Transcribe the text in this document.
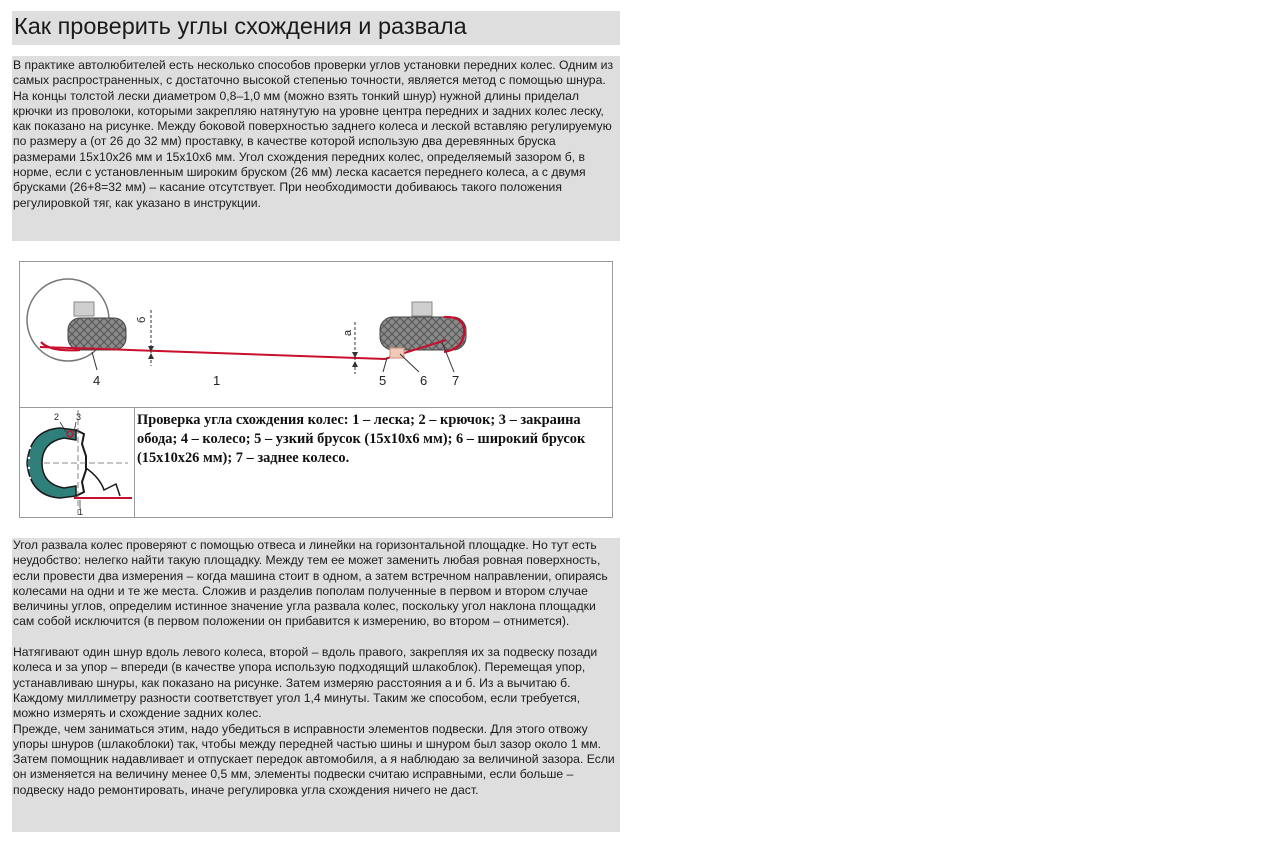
Как проверить углы схождения и развала

В практике автолюбителей есть несколько способов проверки углов установки передних колес. Одним из самых распространенных, с достаточно высокой степенью точности, является метод с помощью шнура.

На концы толстой лески диаметром 0,8–1,0 мм (можно взять тонкий шнур) нужной длины приделал крючки из проволоки, которыми закрепляю натянутую на уровне центра передних и задних колес леску, как показано на рисунке. Между боковой поверхностью заднего колеса и леской вставляю регулируемую по размеру а (от 26 до 32 мм) проставку, в качестве которой использую два деревянных бруска размерами 15x10x26 мм и 15x10x6 мм. Угол схождения передних колес, определяемый зазором б, в норме, если с установленным широким бруском (26 мм) леска касается переднего колеса, а с двумя брусками (26+8=32 мм) – касание отсутствует. При необходимости добиваюсь такого положения регулировкой тяг, как указано в инструкции.

б
а
4	1	5	6 7
2 3
1
Проверка угла схождения колес: 1 – леска; 2 – крючок; 3 – закраина обода; 4 – колесо; 5 – узкий брусок (15x10x6 мм); 6 – широкий брусок (15x10x26 мм); 7 – заднее колесо.

Угол развала колес проверяют с помощью отвеса и линейки на горизонтальной площадке. Но тут есть неудобство: нелегко найти такую площадку. Между тем ее может заменить любая ровная поверхность, если провести два измерения – когда машина стоит в одном, а затем встречном направлении, опираясь колесами на одни и те же места. Сложив и разделив пополам полученные в первом и втором случае величины углов, определим истинное значение угла развала колес, поскольку угол наклона площадки сам собой исключится (в первом положении он прибавится к измерению, во втором – отнимется).

Натягивают один шнур вдоль левого колеса, второй – вдоль правого, закрепляя их за подвеску позади колеса и за упор – впереди (в качестве упора использую подходящий шлакоблок). Перемещая упор, устанавливаю шнуры, как показано на рисунке. Затем измеряю расстояния а и б. Из а вычитаю б. Каждому миллиметру разности соответствует угол 1,4 минуты. Таким же способом, если требуется, можно измерять и схождение задних колес.

Прежде, чем заниматься этим, надо убедиться в исправности элементов подвески. Для этого отвожу упоры шнуров (шлакоблоки) так, чтобы между передней частью шины и шнуром был зазор около 1 мм. Затем помощник надавливает и отпускает передок автомобиля, а я наблюдаю за величиной зазора. Если он изменяется на величину менее 0,5 мм, элементы подвески считаю исправными, если больше – подвеску надо ремонтировать, иначе регулировка угла схождения ничего не даст.
